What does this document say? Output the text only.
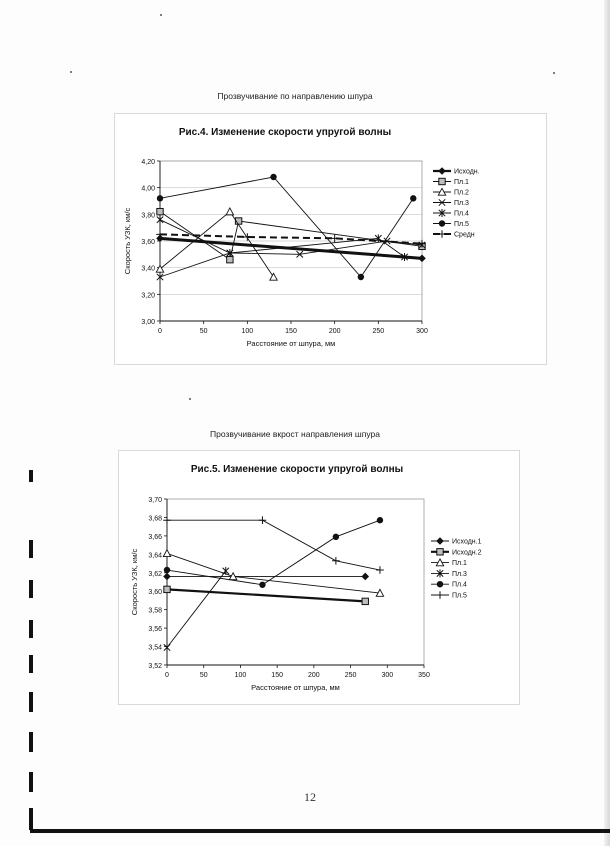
Прозвучивание по направлению шпура
Рис.4. Изменение скорости упругой волны
3,00
3,20
3,40
3,60
3,80
4,00
4,20
0	50	100	150	200	250	300
Расстояние от шпура, мм
Скорость УЗК, км/с
Исходн.
Пл.1
Пл.2
Пл.3
Пл.4
Пл.5
Средн
Прозвучивание вкрост направления шпура
Рис.5. Изменение скорости упругой волны
3,52
3,54
3,56
3,58
3,60
3,62
3,64
3,66
3,68
3,70
0	50	100	150	200	250	300	350
Расстояние от шпура, мм
Скорость УЗК, км/с
Исходн.1
Исходн.2
Пл.1
Пл.3
Пл.4
Пл.5
12
